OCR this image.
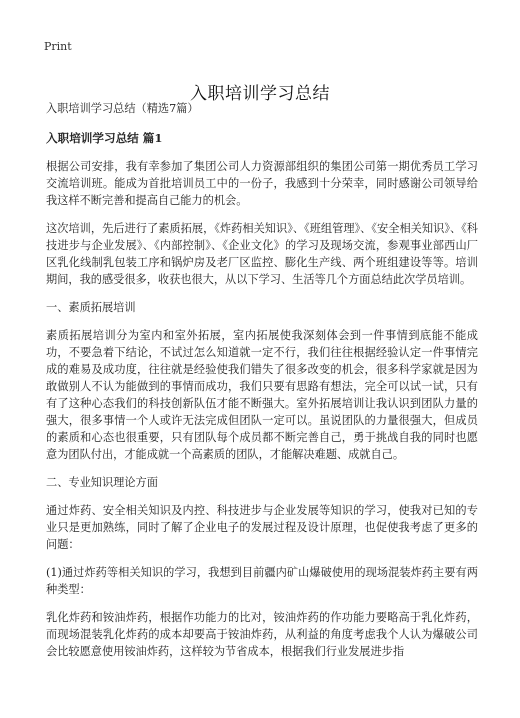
Print
入职培训学习总结

入职培训学习总结（精选7篇）

入职培训学习总结 篇1

根据公司安排，我有幸参加了集团公司人力资源部组织的集团公司第一期优秀员工学习交流培训班。能成为首批培训员工中的一份子，我感到十分荣幸，同时感谢公司领导给我这样不断完善和提高自己能力的机会。

这次培训，先后进行了素质拓展，《炸药相关知识》、《班组管理》、《安全相关知识》、《科技进步与企业发展》、《内部控制》、《企业文化》的学习及现场交流，参观事业部西山厂区乳化线制乳包装工序和锅炉房及老厂区监控、膨化生产线、两个班组建设等等。培训期间，我的感受很多，收获也很大，从以下学习、生活等几个方面总结此次学员培训。

一、素质拓展培训

素质拓展培训分为室内和室外拓展，室内拓展使我深刻体会到一件事情到底能不能成功，不要急着下结论，不试过怎么知道就一定不行，我们往往根据经验认定一件事情完成的难易及成功度，往往就是经验使我们错失了很多改变的机会，很多科学家就是因为敢做别人不认为能做到的事情而成功，我们只要有思路有想法，完全可以试一试，只有有了这种心态我们的科技创新队伍才能不断强大。室外拓展培训让我认识到团队力量的强大，很多事情一个人或许无法完成但团队一定可以。虽说团队的力量很强大，但成员的素质和心态也很重要，只有团队每个成员都不断完善自己，勇于挑战自我的同时也愿意为团队付出，才能成就一个高素质的团队，才能解决难题、成就自己。

二、专业知识理论方面

通过炸药、安全相关知识及内控、科技进步与企业发展等知识的学习，使我对已知的专业只是更加熟练，同时了解了企业电子的发展过程及设计原理，也促使我考虑了更多的问题：

(1)通过炸药等相关知识的学习，我想到目前疆内矿山爆破使用的现场混装炸药主要有两种类型：

乳化炸药和铵油炸药，根据作功能力的比对，铵油炸药的作功能力要略高于乳化炸药，而现场混装乳化炸药的成本却要高于铵油炸药，从利益的角度考虑我个人认为爆破公司会比较愿意使用铵油炸药，这样较为节省成本，根据我们行业发展进步指
